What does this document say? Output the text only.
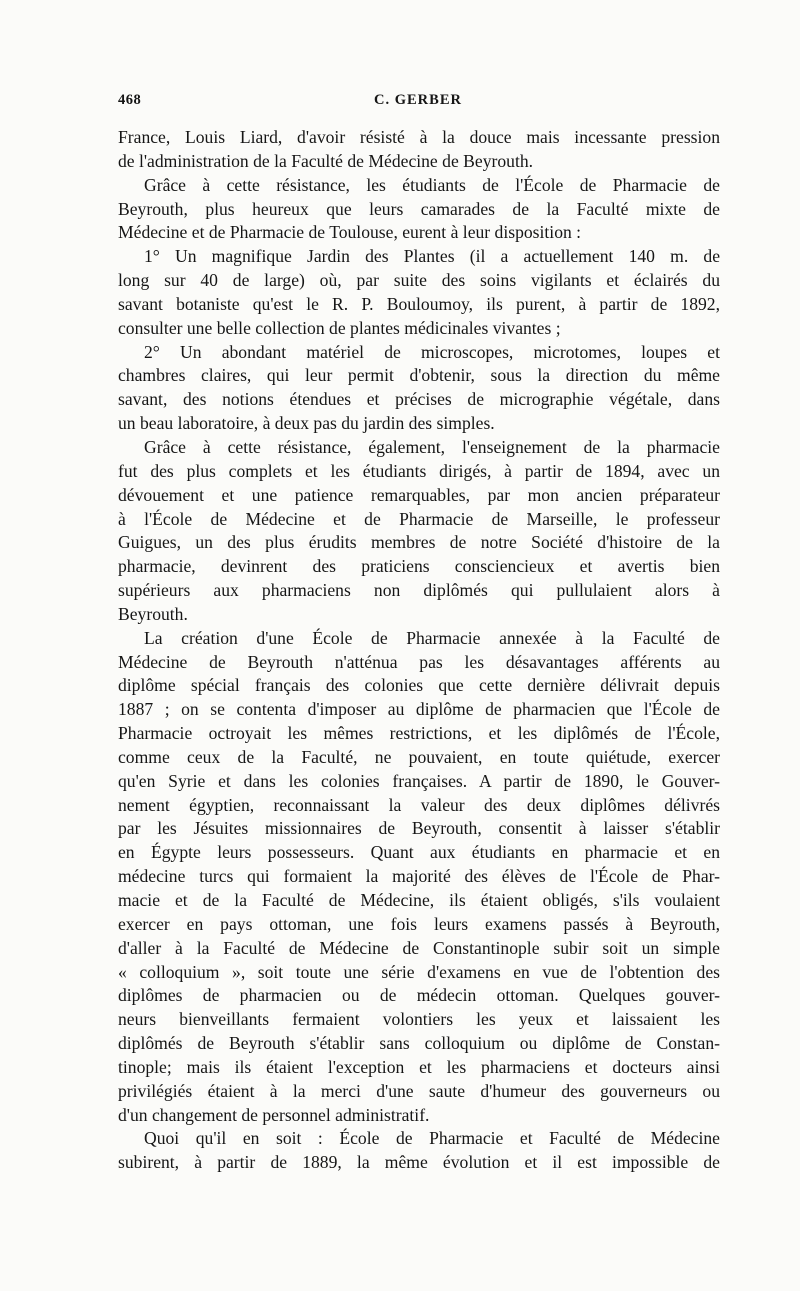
468	C. GERBER
France, Louis Liard, d'avoir résisté à la douce mais incessante pression
de l'administration de la Faculté de Médecine de Beyrouth.
Grâce à cette résistance, les étudiants de l'École de Pharmacie de
Beyrouth, plus heureux que leurs camarades de la Faculté mixte de
Médecine et de Pharmacie de Toulouse, eurent à leur disposition :
1° Un magnifique Jardin des Plantes (il a actuellement 140 m. de
long sur 40 de large) où, par suite des soins vigilants et éclairés du
savant botaniste qu'est le R. P. Bouloumoy, ils purent, à partir de 1892,
consulter une belle collection de plantes médicinales vivantes ;
2° Un abondant matériel de microscopes, microtomes, loupes et
chambres claires, qui leur permit d'obtenir, sous la direction du même
savant, des notions étendues et précises de micrographie végétale, dans
un beau laboratoire, à deux pas du jardin des simples.
Grâce à cette résistance, également, l'enseignement de la pharmacie
fut des plus complets et les étudiants dirigés, à partir de 1894, avec un
dévouement et une patience remarquables, par mon ancien préparateur
à l'École de Médecine et de Pharmacie de Marseille, le professeur
Guigues, un des plus érudits membres de notre Société d'histoire de la
pharmacie, devinrent des praticiens consciencieux et avertis bien
supérieurs aux pharmaciens non diplômés qui pullulaient alors à
Beyrouth.
La création d'une École de Pharmacie annexée à la Faculté de
Médecine de Beyrouth n'atténua pas les désavantages afférents au
diplôme spécial français des colonies que cette dernière délivrait depuis
1887 ; on se contenta d'imposer au diplôme de pharmacien que l'École de
Pharmacie octroyait les mêmes restrictions, et les diplômés de l'École,
comme ceux de la Faculté, ne pouvaient, en toute quiétude, exercer
qu'en Syrie et dans les colonies françaises. A partir de 1890, le Gouver-
nement égyptien, reconnaissant la valeur des deux diplômes délivrés
par les Jésuites missionnaires de Beyrouth, consentit à laisser s'établir
en Égypte leurs possesseurs. Quant aux étudiants en pharmacie et en
médecine turcs qui formaient la majorité des élèves de l'École de Phar-
macie et de la Faculté de Médecine, ils étaient obligés, s'ils voulaient
exercer en pays ottoman, une fois leurs examens passés à Beyrouth,
d'aller à la Faculté de Médecine de Constantinople subir soit un simple
« colloquium », soit toute une série d'examens en vue de l'obtention des
diplômes de pharmacien ou de médecin ottoman. Quelques gouver-
neurs bienveillants fermaient volontiers les yeux et laissaient les
diplômés de Beyrouth s'établir sans colloquium ou diplôme de Constan-
tinople; mais ils étaient l'exception et les pharmaciens et docteurs ainsi
privilégiés étaient à la merci d'une saute d'humeur des gouverneurs ou
d'un changement de personnel administratif.
Quoi qu'il en soit : École de Pharmacie et Faculté de Médecine
subirent, à partir de 1889, la même évolution et il est impossible de
